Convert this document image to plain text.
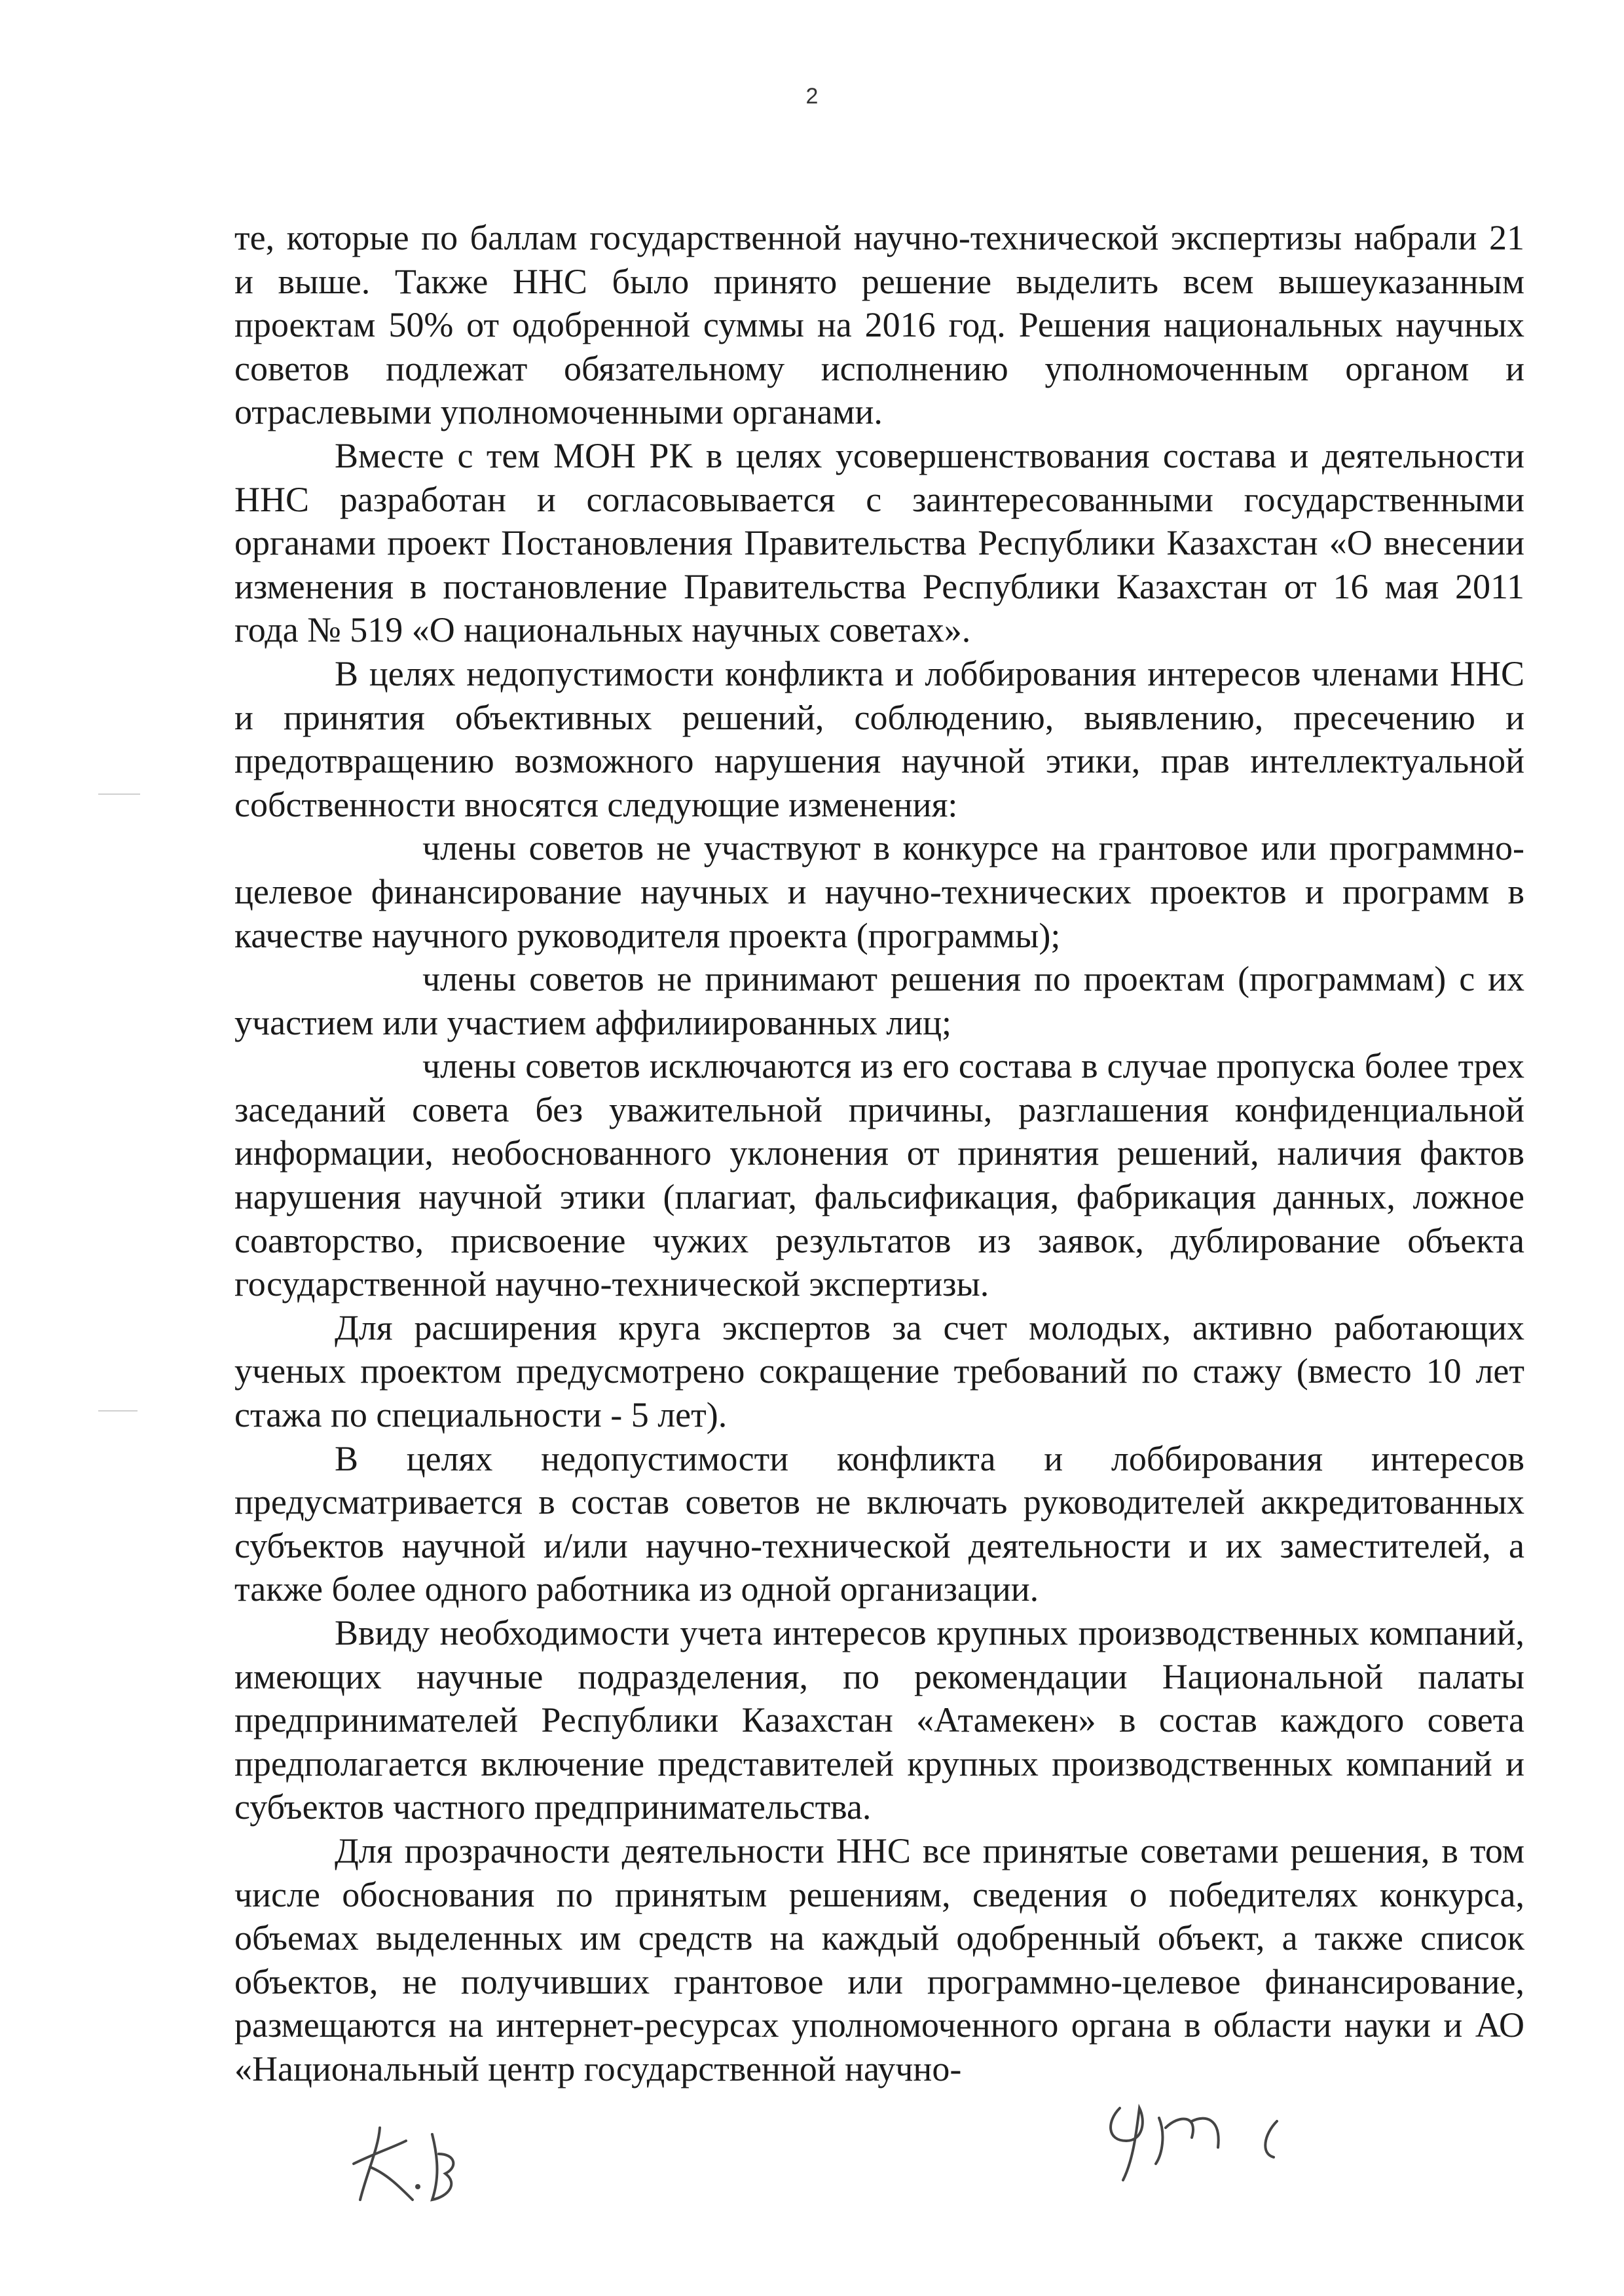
2

те, которые по баллам государственной научно-технической экспертизы набрали 21 и выше. Также ННС было принято решение выделить всем вышеуказанным проектам 50% от одобренной суммы на 2016 год. Решения национальных научных советов подлежат обязательному исполнению уполномоченным органом и отраслевыми уполномоченными органами.

Вместе с тем МОН РК в целях усовершенствования состава и деятельности ННС разработан и согласовывается с заинтересованными государственными органами проект Постановления Правительства Республики Казахстан «О внесении изменения в постановление Правительства Республики Казахстан от 16 мая 2011 года № 519 «О национальных научных советах».

В целях недопустимости конфликта и лоббирования интересов членами ННС и принятия объективных решений, соблюдению, выявлению, пресечению и предотвращению возможного нарушения научной этики, прав интеллектуальной собственности вносятся следующие изменения:

члены советов не участвуют в конкурсе на грантовое или программно-целевое финансирование научных и научно-технических проектов и программ в качестве научного руководителя проекта (программы);

члены советов не принимают решения по проектам (программам) с их участием или участием аффилиированных лиц;

члены советов исключаются из его состава в случае пропуска более трех заседаний совета без уважительной причины, разглашения конфиденциальной информации, необоснованного уклонения от принятия решений, наличия фактов нарушения научной этики (плагиат, фальсификация, фабрикация данных, ложное соавторство, присвоение чужих результатов из заявок, дублирование объекта государственной научно-технической экспертизы.

Для расширения круга экспертов за счет молодых, активно работающих ученых проектом предусмотрено сокращение требований по стажу (вместо 10 лет стажа по специальности - 5 лет).

В целях недопустимости конфликта и лоббирования интересов предусматривается в состав советов не включать руководителей аккредитованных субъектов научной и/или научно-технической деятельности и их заместителей, а также более одного работника из одной организации.

Ввиду необходимости учета интересов крупных производственных компаний, имеющих научные подразделения, по рекомендации Национальной палаты предпринимателей Республики Казахстан «Атамекен» в состав каждого совета предполагается включение представителей крупных производственных компаний и субъектов частного предпринимательства.

Для прозрачности деятельности ННС все принятые советами решения, в том числе обоснования по принятым решениям, сведения о победителях конкурса, объемах выделенных им средств на каждый одобренный объект, а также список объектов, не получивших грантовое или программно-целевое финансирование, размещаются на интернет-ресурсах уполномоченного органа в области науки и АО «Национальный центр государственной научно-
